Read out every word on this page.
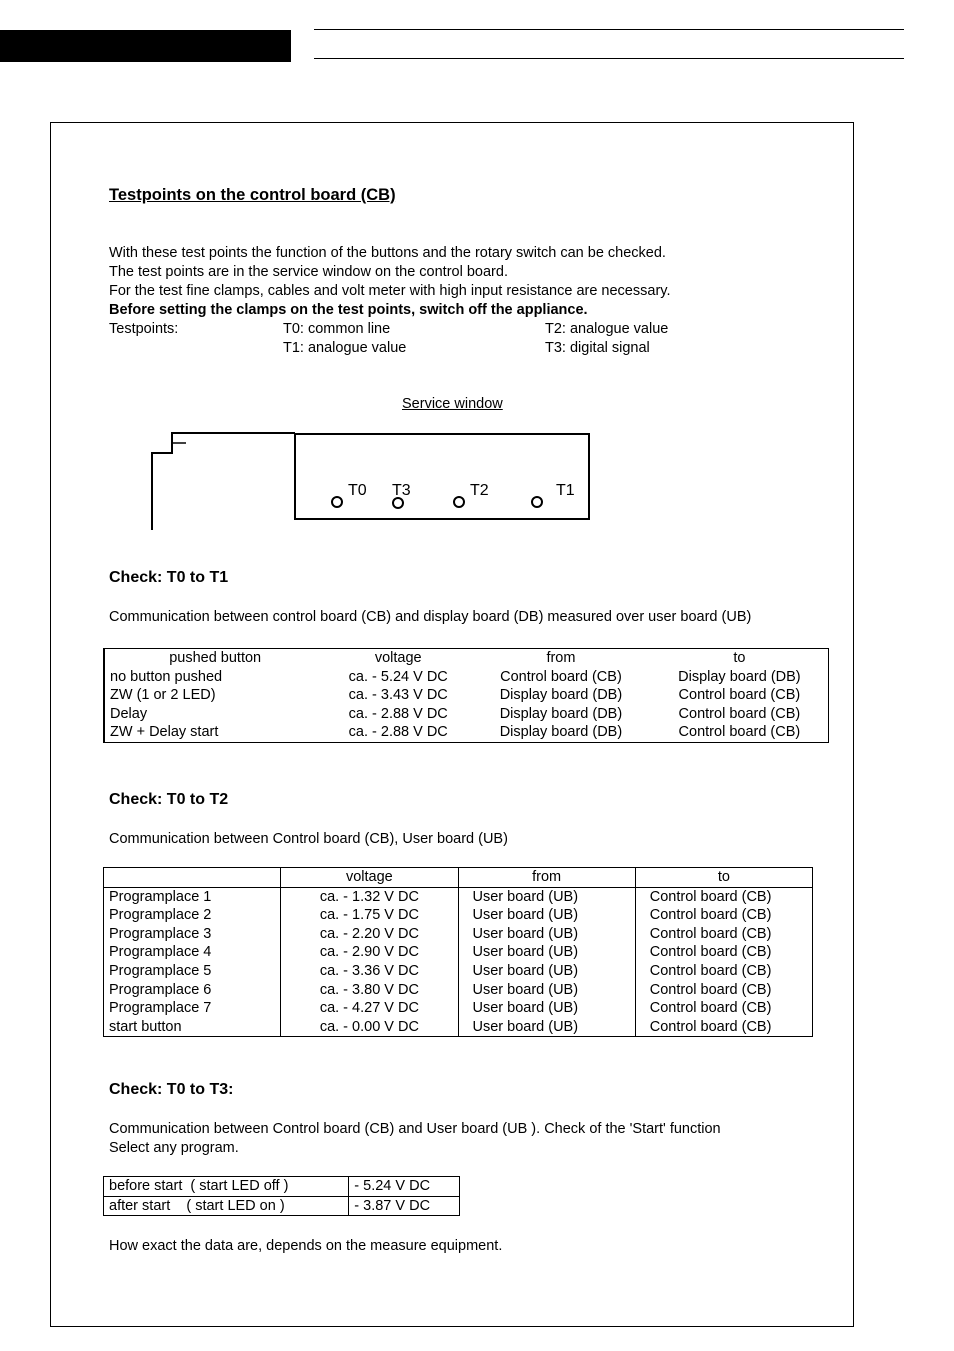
Testpoints on the control board (CB)
With these test points the function of the buttons and the rotary switch can be checked.
The test points are in the service window on the control board.
For the test fine clamps, cables and volt meter with high input resistance are necessary.
Before setting the clamps on the test points, switch off the appliance.
Testpoints:	T0: common line
T1: analogue value
T2: analogue value
T3: digital signal
Service window
T0 T3	T2	T1
Check: T0 to T1
Communication between control board (CB) and display board (DB) measured over user board (UB)
pushed button	voltage	from	to
no button pushed	ca. - 5.24 V DC	Control board (CB)	Display board (DB)
ZW (1 or 2 LED)	ca. - 3.43 V DC	Display board (DB)	Control board (CB)
Delay	ca. - 2.88 V DC	Display board (DB)	Control board (CB)
ZW + Delay start	ca. - 2.88 V DC	Display board (DB)	Control board (CB)
Check: T0 to T2
Communication between Control board (CB), User board (UB)
	voltage	from	to
Programplace 1	ca. - 1.32 V DC	User board (UB)	Control board (CB)
Programplace 2	ca. - 1.75 V DC	User board (UB)	Control board (CB)
Programplace 3	ca. - 2.20 V DC	User board (UB)	Control board (CB)
Programplace 4	ca. - 2.90 V DC	User board (UB)	Control board (CB)
Programplace 5	ca. - 3.36 V DC	User board (UB)	Control board (CB)
Programplace 6	ca. - 3.80 V DC	User board (UB)	Control board (CB)
Programplace 7	ca. - 4.27 V DC	User board (UB)	Control board (CB)
start button	ca. - 0.00 V DC	User board (UB)	Control board (CB)
Check: T0 to T3:
Communication between Control board (CB) and User board (UB ). Check of the 'Start' function
Select any program.
before start  ( start LED off )	- 5.24 V DC
after start    ( start LED on )	- 3.87 V DC
How exact the data are, depends on the measure equipment.
